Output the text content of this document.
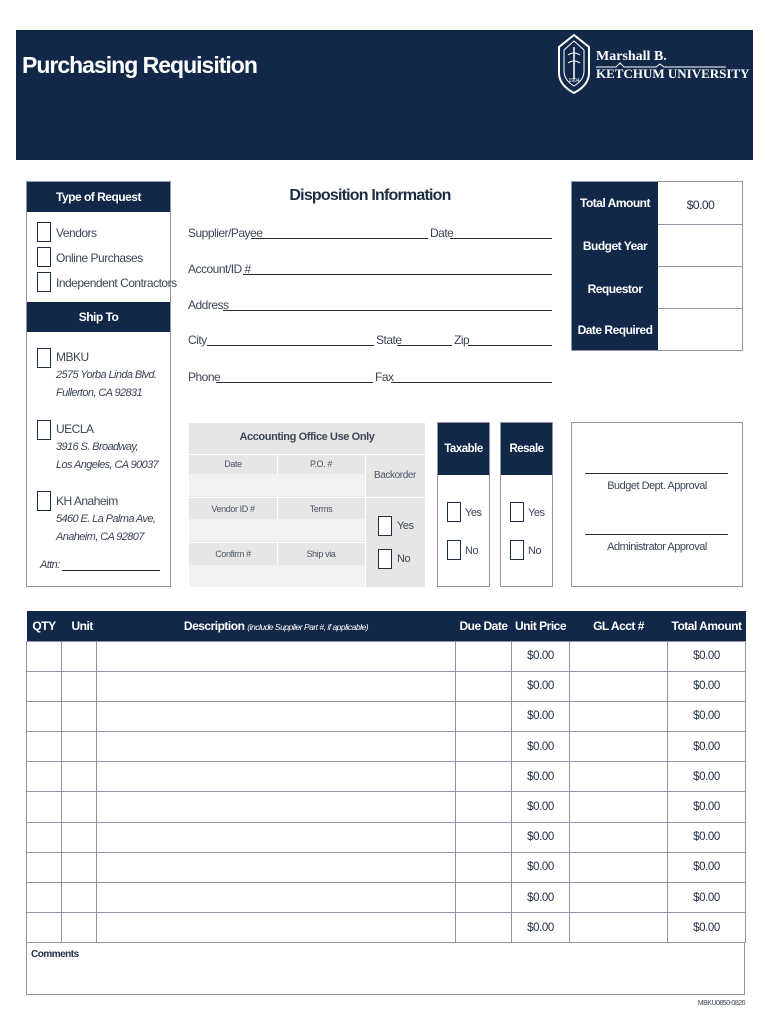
Purchasing Requisition
1904
Marshall B.
KETCHUM UNIVERSITY
Type of Request
Vendors
Online Purchases
Independent Contractors
Ship To
MBKU
2575 Yorba Linda Blvd.
Fullerton, CA 92831
UECLA
3916 S. Broadway,
Los Angeles, CA 90037
KH Anaheim
5460 E. La Palma Ave,
Anaheim, CA 92807
Attn:
Disposition Information
Supplier/Payee	Date
Account/ID #
Address
City	State	Zip
Phone	Fax
Total Amount	$0.00
Budget Year
Requestor
Date Required
Accounting Office Use Only
Date	P.O. #
Backorder
Vendor ID #	Terms
Confirm #	Ship via
Yes
No
Taxable
Yes
No
Resale
Yes
No
Budget Dept. Approval
Administrator Approval
QTY	Unit	Description (include Supplier Part #, if applicable)	Due Date	Unit Price	GL Acct #	Total Amount
				$0.00		$0.00
				$0.00		$0.00
				$0.00		$0.00
				$0.00		$0.00
				$0.00		$0.00
				$0.00		$0.00
				$0.00		$0.00
				$0.00		$0.00
				$0.00		$0.00
				$0.00		$0.00
Comments
MBKU0850-0820
